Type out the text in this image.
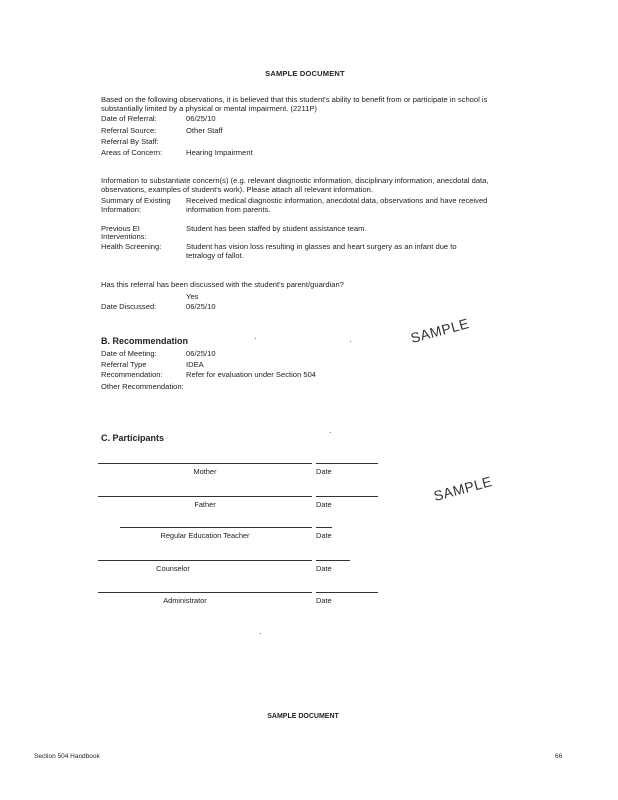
SAMPLE DOCUMENT
Based on the following observations, it is believed that this student's ability to benefit from or participate in school is
substantially limited by a physical or mental impairment. (2211P)
Date of Referral:	06/25/10
Referral Source:	Other Staff
Referral By Staff:
Areas of Concern:	Hearing Impairment
Information to substantiate concern(s) (e.g. relevant diagnostic information, disciplinary information, anecdotal data,
observations, examples of student's work). Please attach all relevant information.
Summary of Existing
Information:
Received medical diagnostic information, anecdotal data, observations and have received
information from parents.
Previous EI
Interventions:
Student has been staffed by student assistance team.
Health Screening:	Student has vision loss resulting in glasses and heart surgery as an infant due to
tetralogy of fallot.
Has this referral has been discussed with the student's parent/guardian?
Yes
Date Discussed:	06/25/10
B. Recommendation
Date of Meeting:	06/25/10
Referral Type	IDEA
Recommendation:	Refer for evaluation under Section 504
Other Recommendation:
SAMPLE
SAMPLE
C. Participants
Mother	Date
Father	Date
Regular Education Teacher	Date
Counselor	Date
Administrator	Date
SAMPLE DOCUMENT
Section 504 Handbook	66
